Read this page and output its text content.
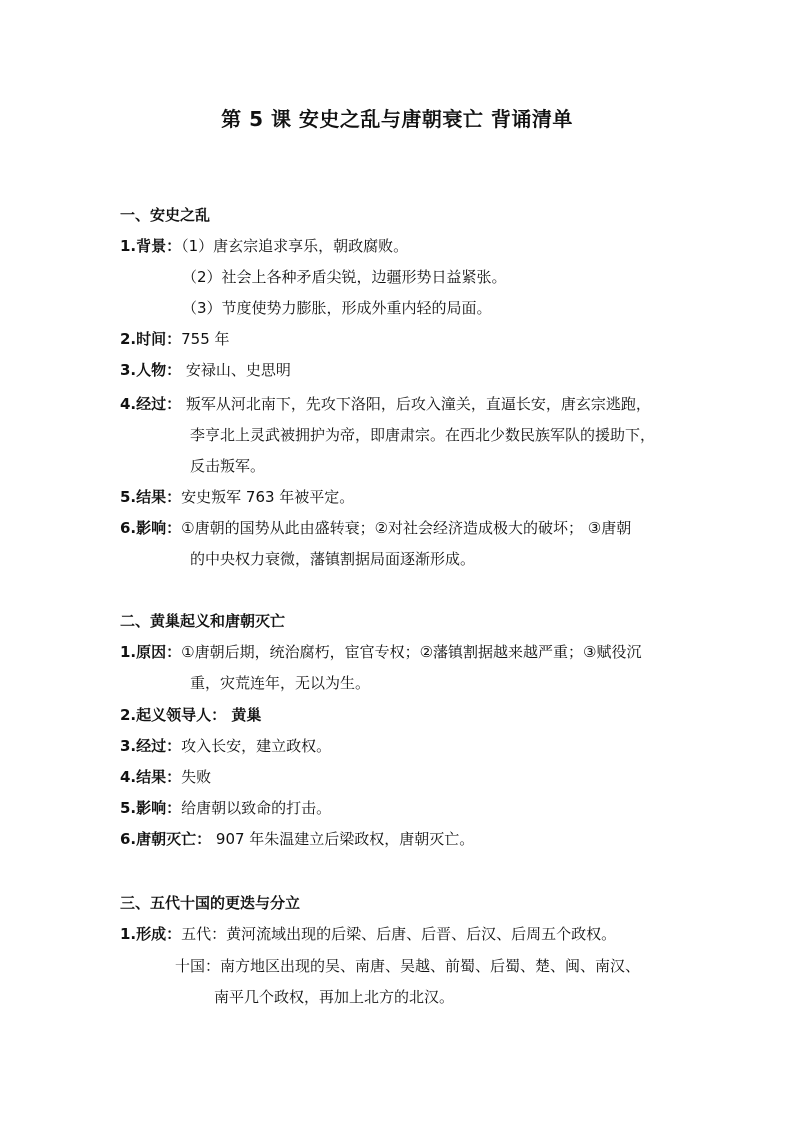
第 5 课 安史之乱与唐朝衰亡 背诵清单
一、安史之乱
1.背景：（1）唐玄宗追求享乐，朝政腐败。
（2）社会上各种矛盾尖锐，边疆形势日益紧张。
（3）节度使势力膨胀，形成外重内轻的局面。
2.时间：755 年
3.人物： 安禄山、史思明
4.经过： 叛军从河北南下，先攻下洛阳，后攻入潼关，直逼长安，唐玄宗逃跑，
李亨北上灵武被拥护为帝，即唐肃宗。在西北少数民族军队的援助下，
反击叛军。
5.结果：安史叛军 763 年被平定。
6.影响：①唐朝的国势从此由盛转衰；②对社会经济造成极大的破坏； ③唐朝
的中央权力衰微，藩镇割据局面逐渐形成。
二、黄巢起义和唐朝灭亡
1.原因：①唐朝后期，统治腐朽，宦官专权；②藩镇割据越来越严重；③赋役沉
重，灾荒连年，无以为生。
2.起义领导人： 黄巢
3.经过：攻入长安，建立政权。
4.结果：失败
5.影响：给唐朝以致命的打击。
6.唐朝灭亡： 907 年朱温建立后梁政权，唐朝灭亡。
三、五代十国的更迭与分立
1.形成：五代：黄河流域出现的后梁、后唐、后晋、后汉、后周五个政权。
十国：南方地区出现的吴、南唐、吴越、前蜀、后蜀、楚、闽、南汉、
南平几个政权，再加上北方的北汉。
